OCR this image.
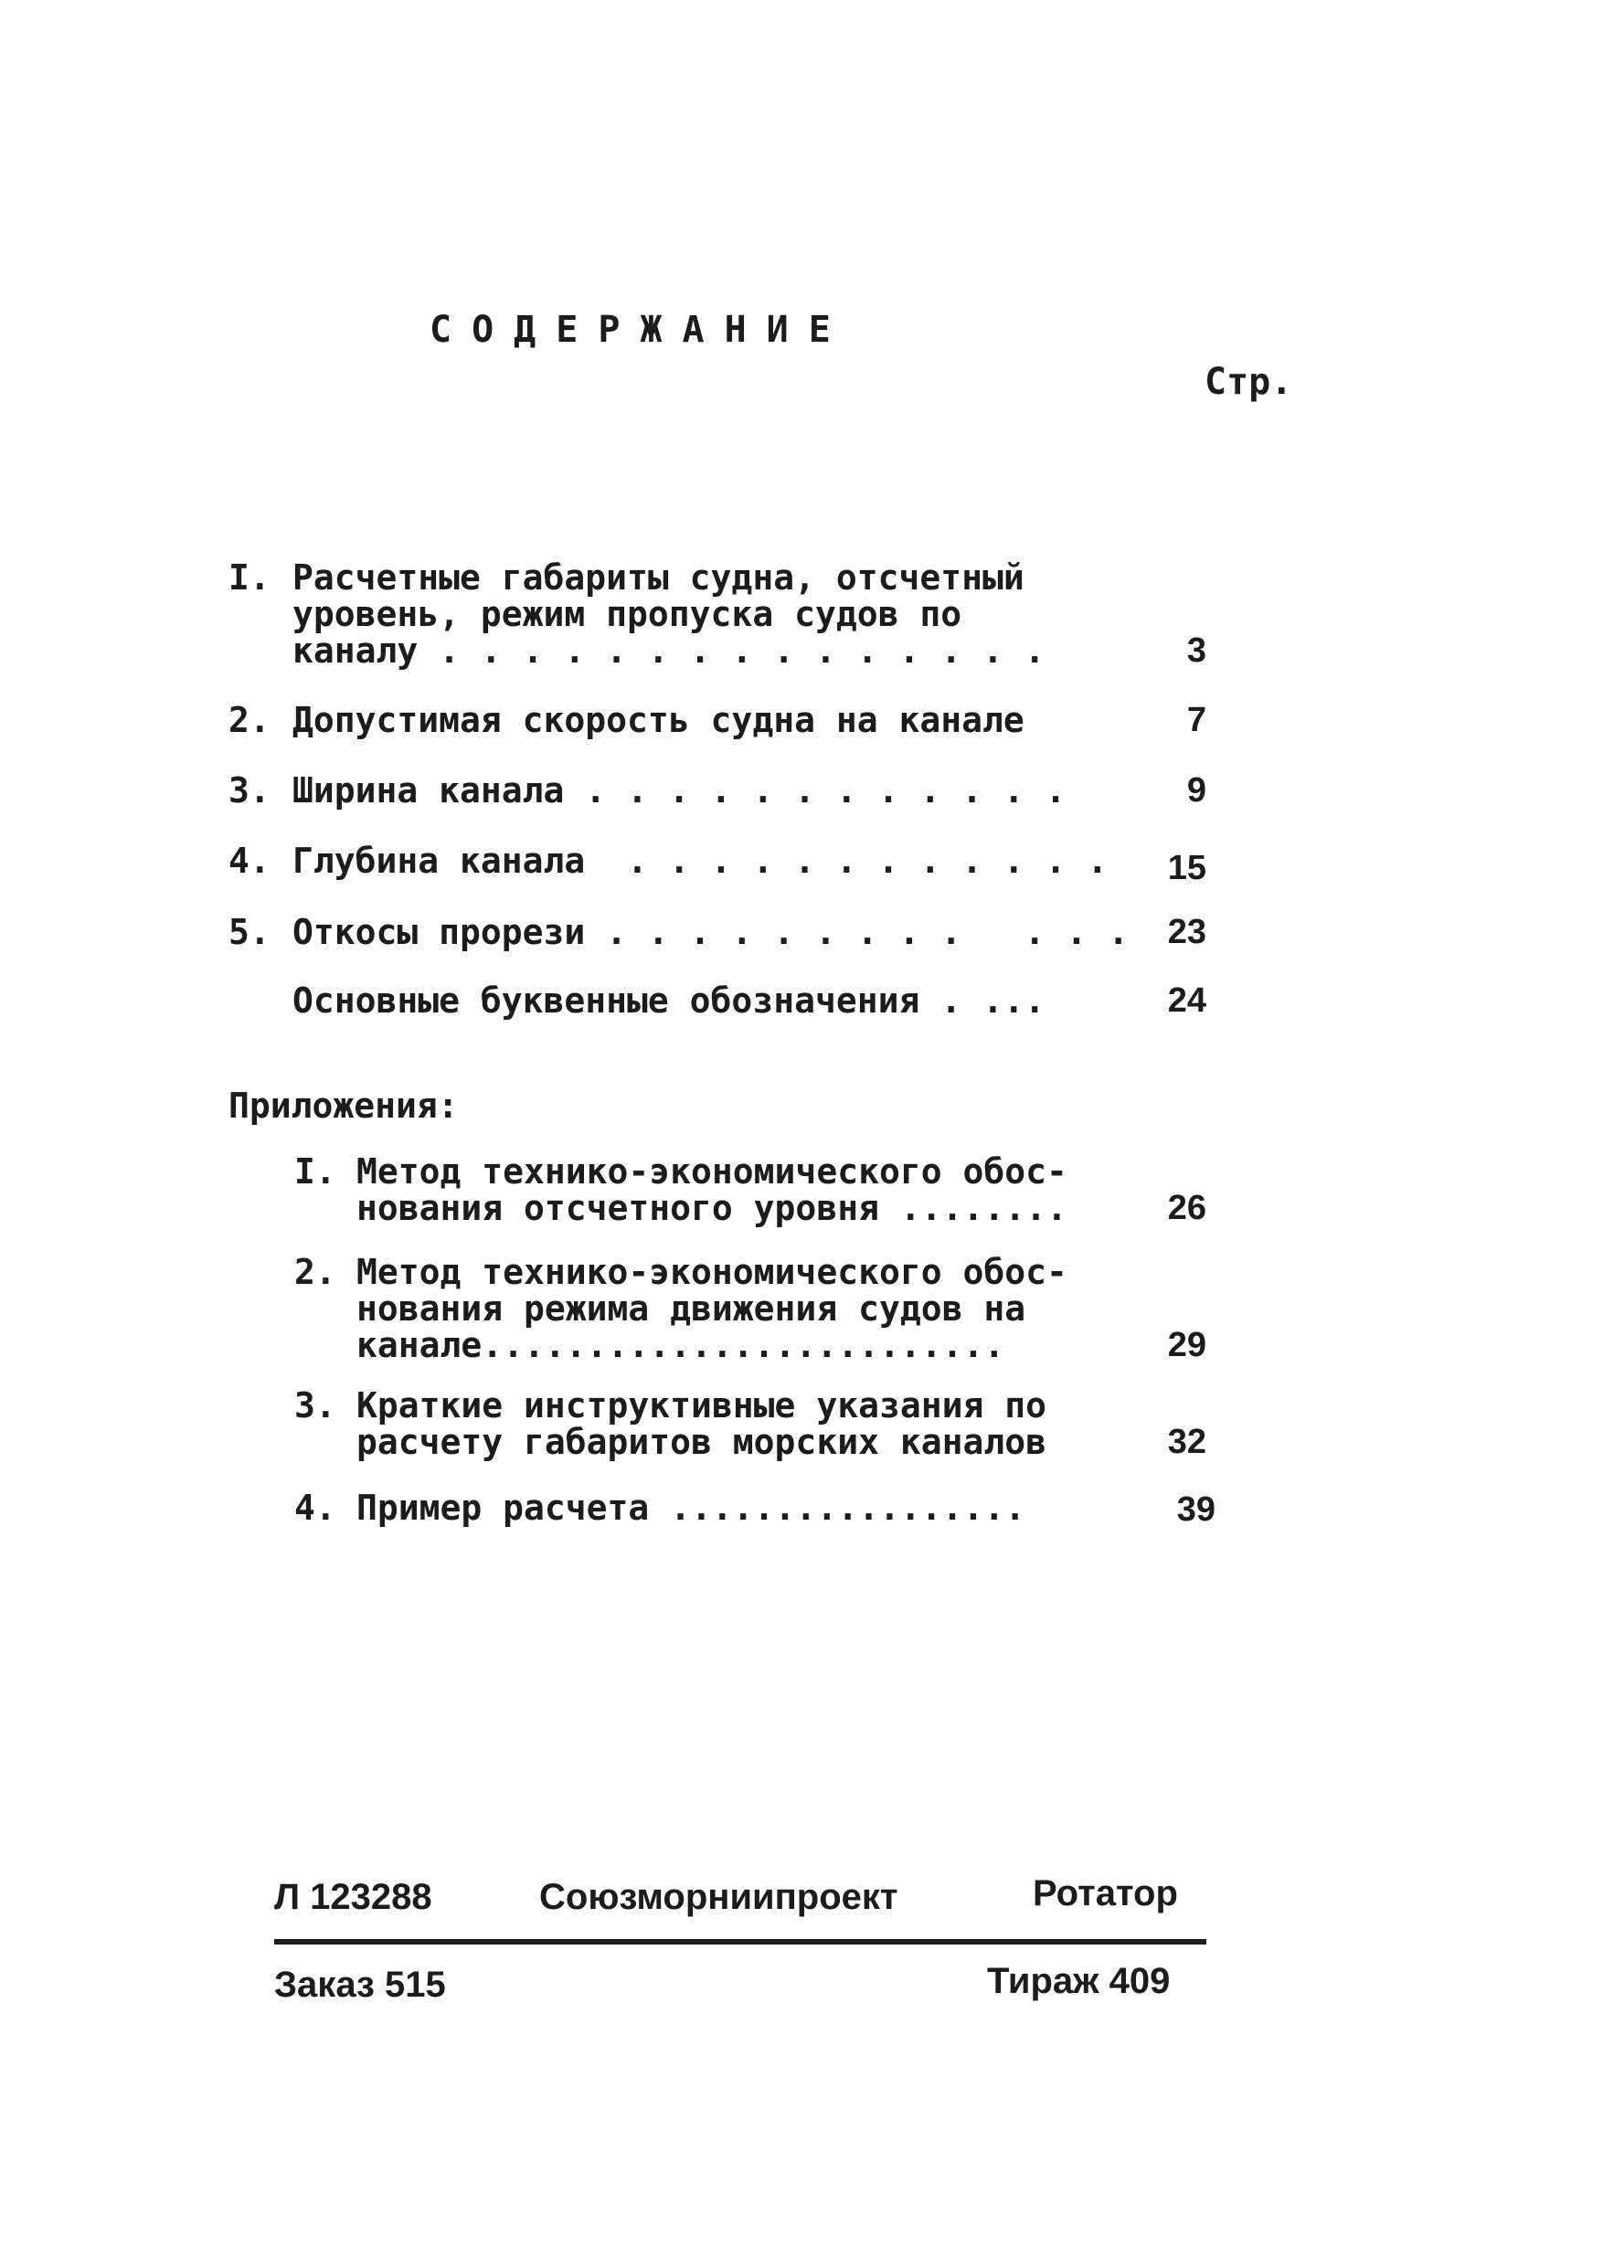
СОДЕРЖАНИЕ
Стр.
I. Расчетные габариты судна, отсчетный
уровень, режим пропуска судов по
каналу . . . . . . . . . . . . . . .	3
2. Допустимая скорость судна на канале	7
3. Ширина канала . . . . . . . . . . . .	9
4. Глубина канала  . . . . . . . . . . . .	15
5. Откосы прорези . . . . . . . . .   . . .	23
Основные буквенные обозначения . ...	24
Приложения:
I. Метод технико-экономического обос-
нования отсчетного уровня ........	26
2. Метод технико-экономического обос-
нования режима движения судов на
канале.........................	29
3. Краткие инструктивные указания по
расчету габаритов морских каналов	32
4. Пример расчета .................	39
Л 123288	Союзморниипроект	Ротатор
Заказ 515	Тираж 409
